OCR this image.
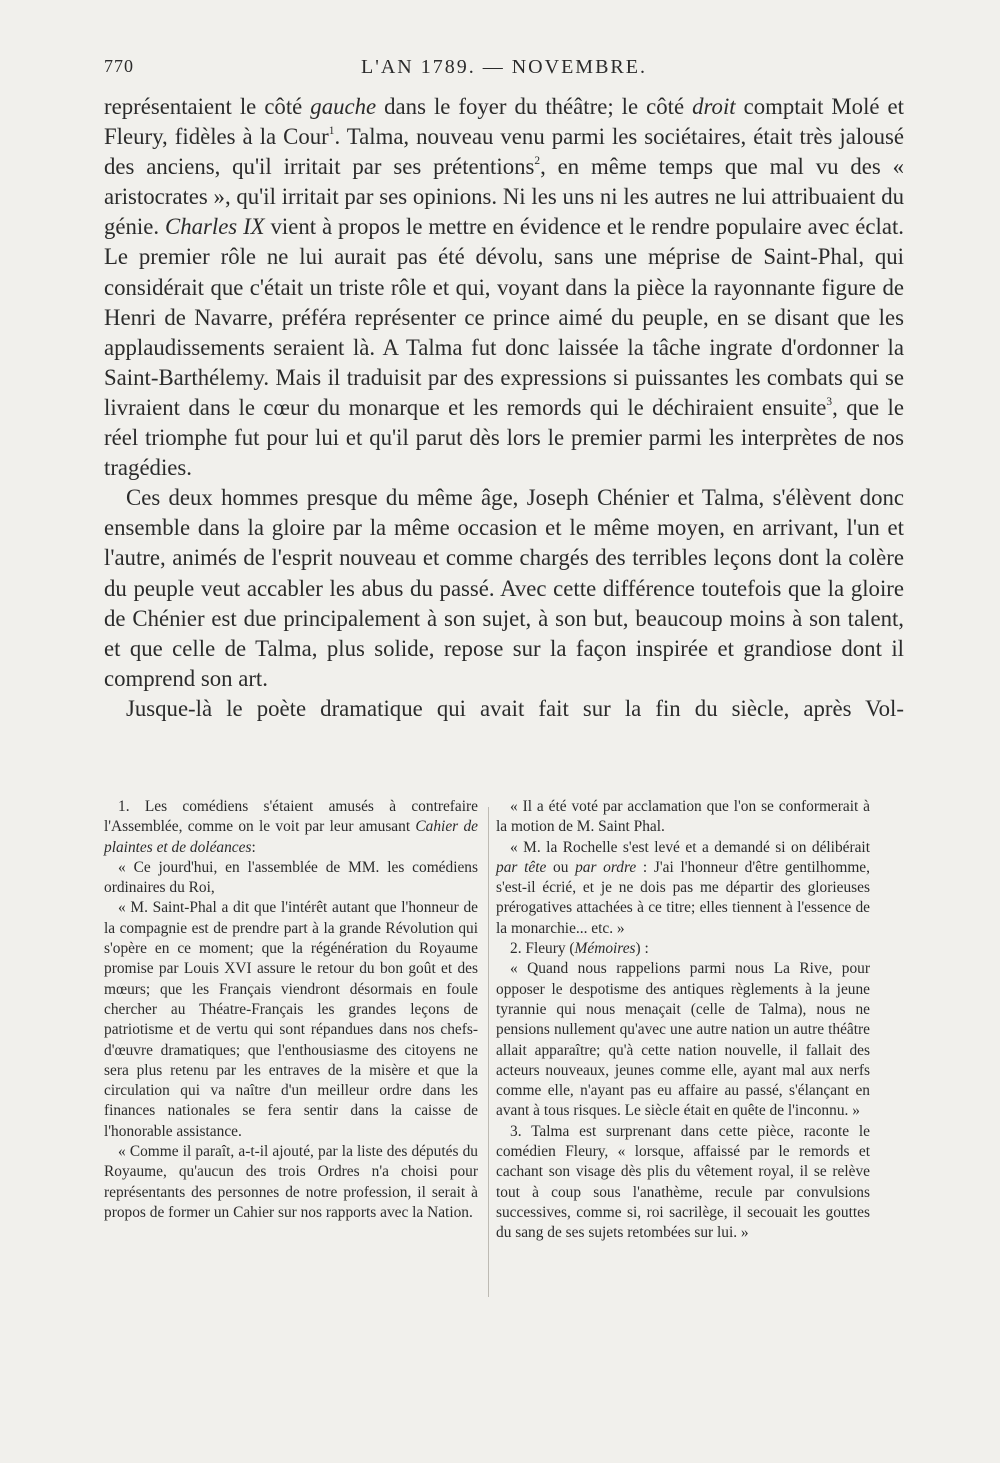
770	L'AN 1789. — NOVEMBRE.

représentaient le côté gauche dans le foyer du théâtre; le côté droit comptait Molé et Fleury, fidèles à la Cour$^1$. Talma, nouveau venu parmi les sociétaires, était très jalousé des anciens, qu'il irritait par ses prétentions$^2$, en même temps que mal vu des « aristocrates », qu'il irritait par ses opinions. Ni les uns ni les autres ne lui attribuaient du génie. Charles IX vient à propos le mettre en évidence et le rendre populaire avec éclat. Le premier rôle ne lui aurait pas été dévolu, sans une méprise de Saint-Phal, qui considérait que c'était un triste rôle et qui, voyant dans la pièce la rayonnante figure de Henri de Navarre, préféra représenter ce prince aimé du peuple, en se disant que les applaudissements seraient là. A Talma fut donc laissée la tâche ingrate d'ordonner la Saint-Barthélemy. Mais il traduisit par des expressions si puissantes les combats qui se livraient dans le cœur du monarque et les remords qui le déchiraient ensuite$^3$, que le réel triomphe fut pour lui et qu'il parut dès lors le premier parmi les interprètes de nos tragédies.

Ces deux hommes presque du même âge, Joseph Chénier et Talma, s'élèvent donc ensemble dans la gloire par la même occasion et le même moyen, en arrivant, l'un et l'autre, animés de l'esprit nouveau et comme chargés des terribles leçons dont la colère du peuple veut accabler les abus du passé. Avec cette différence toutefois que la gloire de Chénier est due principalement à son sujet, à son but, beaucoup moins à son talent, et que celle de Talma, plus solide, repose sur la façon inspirée et grandiose dont il comprend son art.

Jusque-là le poète dramatique qui avait fait sur la fin du siècle, après Vol-

1. Les comédiens s'étaient amusés à contrefaire l'Assemblée, comme on le voit par leur amusant Cahier de plaintes et de doléances:

« Ce jourd'hui, en l'assemblée de MM. les comédiens ordinaires du Roi,

« M. Saint-Phal a dit que l'intérêt autant que l'honneur de la compagnie est de prendre part à la grande Révolution qui s'opère en ce moment; que la régénération du Royaume promise par Louis XVI assure le retour du bon goût et des mœurs; que les Français viendront désormais en foule chercher au Théatre-Français les grandes leçons de patriotisme et de vertu qui sont répandues dans nos chefs-d'œuvre dramatiques; que l'enthousiasme des citoyens ne sera plus retenu par les entraves de la misère et que la circulation qui va naître d'un meilleur ordre dans les finances nationales se fera sentir dans la caisse de l'honorable assistance.

« Comme il paraît, a-t-il ajouté, par la liste des députés du Royaume, qu'aucun des trois Ordres n'a choisi pour représentants des personnes de notre profession, il serait à propos de former un Cahier sur nos rapports avec la Nation.

« Il a été voté par acclamation que l'on se conformerait à la motion de M. Saint Phal.

« M. la Rochelle s'est levé et a demandé si on délibérait par tête ou par ordre : J'ai l'honneur d'être gentilhomme, s'est-il écrié, et je ne dois pas me départir des glorieuses prérogatives attachées à ce titre; elles tiennent à l'essence de la monarchie... etc. »

2. Fleury (Mémoires) :

« Quand nous rappelions parmi nous La Rive, pour opposer le despotisme des antiques règlements à la jeune tyrannie qui nous menaçait (celle de Talma), nous ne pensions nullement qu'avec une autre nation un autre théâtre allait apparaître; qu'à cette nation nouvelle, il fallait des acteurs nouveaux, jeunes comme elle, ayant mal aux nerfs comme elle, n'ayant pas eu affaire au passé, s'élançant en avant à tous risques. Le siècle était en quête de l'inconnu. »

3. Talma est surprenant dans cette pièce, raconte le comédien Fleury, « lorsque, affaissé par le remords et cachant son visage dès plis du vêtement royal, il se relève tout à coup sous l'anathème, recule par convulsions successives, comme si, roi sacrilège, il secouait les gouttes du sang de ses sujets retombées sur lui. »
